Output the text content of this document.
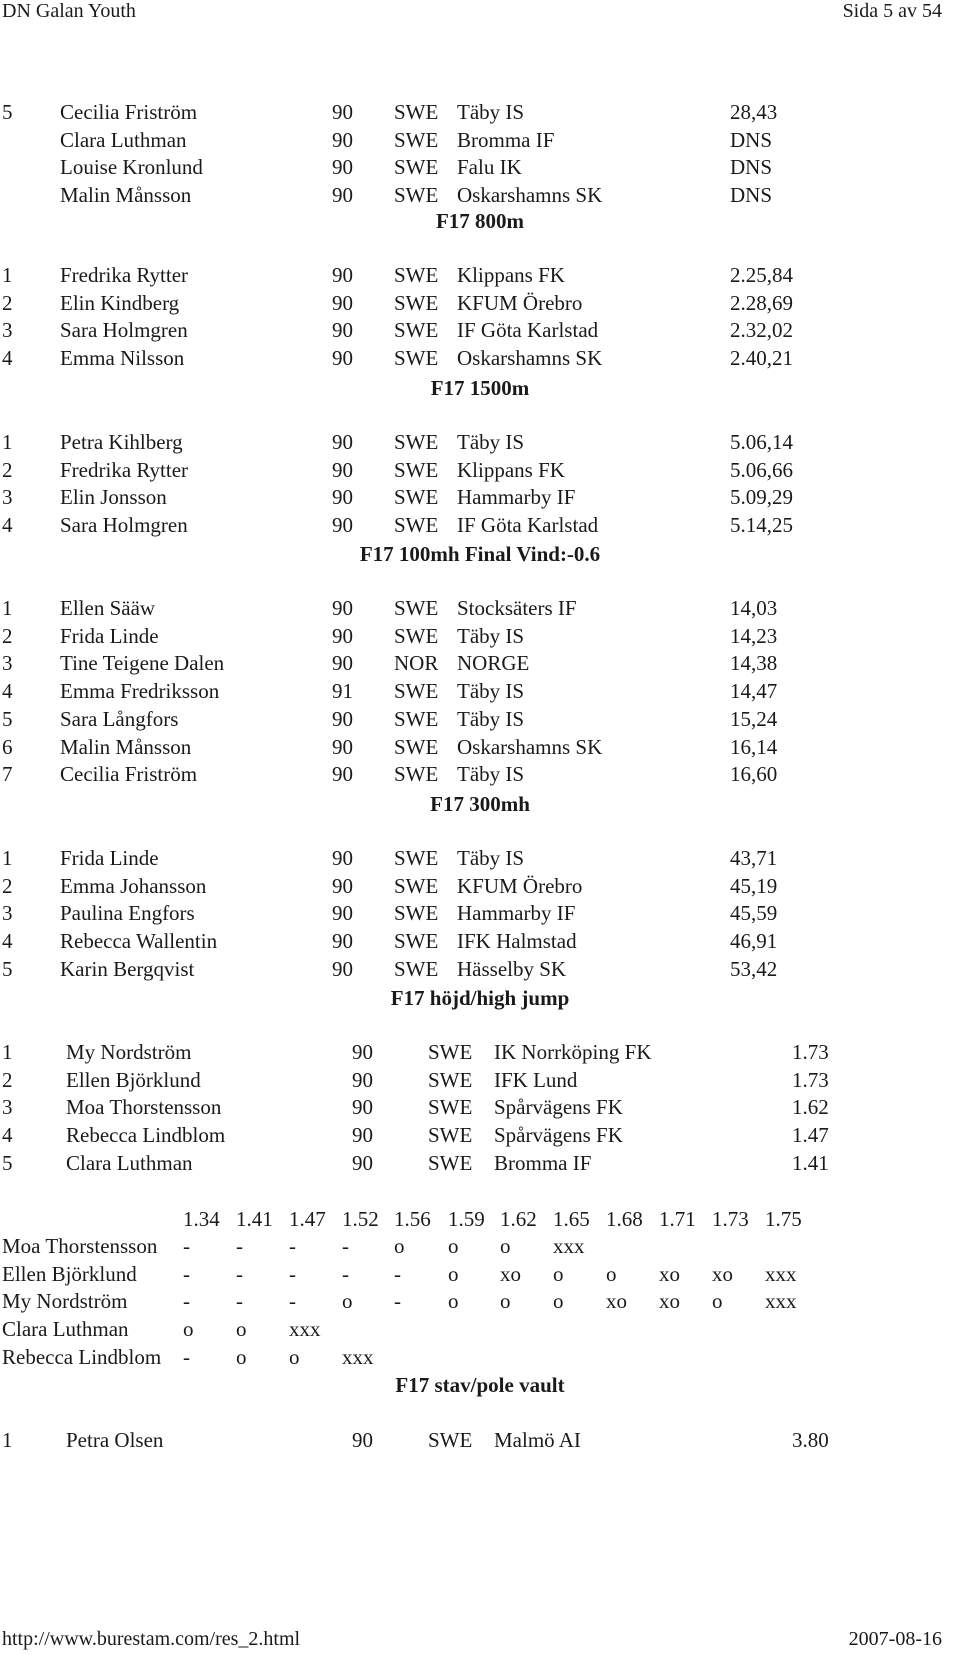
DN Galan Youth	Sida 5 av 54
5 Cecilia Friström	90 SWE Täby IS	28,43
Clara Luthman	90 SWE Bromma IF	DNS
Louise Kronlund	90 SWE Falu IK	DNS
Malin Månsson	90 SWE Oskarshamns SK	DNS
F17 800m
1 Fredrika Rytter	90 SWE Klippans FK	2.25,84
2 Elin Kindberg	90 SWE KFUM Örebro	2.28,69
3 Sara Holmgren	90 SWE IF Göta Karlstad	2.32,02
4 Emma Nilsson	90 SWE Oskarshamns SK	2.40,21
F17 1500m
1 Petra Kihlberg	90 SWE Täby IS	5.06,14
2 Fredrika Rytter	90 SWE Klippans FK	5.06,66
3 Elin Jonsson	90 SWE Hammarby IF	5.09,29
4 Sara Holmgren	90 SWE IF Göta Karlstad	5.14,25
F17 100mh Final Vind:-0.6
1 Ellen Sääw	90 SWE Stocksäters IF	14,03
2 Frida Linde	90 SWE Täby IS	14,23
3 Tine Teigene Dalen	90 NOR NORGE	14,38
4 Emma Fredriksson	91 SWE Täby IS	14,47
5 Sara Långfors	90 SWE Täby IS	15,24
6 Malin Månsson	90 SWE Oskarshamns SK	16,14
7 Cecilia Friström	90 SWE Täby IS	16,60
F17 300mh
1 Frida Linde	90 SWE Täby IS	43,71
2 Emma Johansson	90 SWE KFUM Örebro	45,19
3 Paulina Engfors	90 SWE Hammarby IF	45,59
4 Rebecca Wallentin	90 SWE IFK Halmstad	46,91
5 Karin Bergqvist	90 SWE Hässelby SK	53,42
F17 höjd/high jump
1	My Nordström	90	SWE IK Norrköping FK	1.73
2	Ellen Björklund	90	SWE IFK Lund	1.73
3	Moa Thorstensson	90	SWE Spårvägens FK	1.62
4	Rebecca Lindblom	90	SWE Spårvägens FK	1.47
5	Clara Luthman	90	SWE Bromma IF	1.41
1.34 1.41 1.47 1.52 1.56 1.59 1.62 1.65 1.68 1.71 1.73 1.75
Moa Thorstensson - - - - o o o xxx
Ellen Björklund - - - - - o xo o o xo xo xxx
My Nordström	- - - o - o o o xo xo o xxx
Clara Luthman	o o xxx
Rebecca Lindblom - o o xxx
F17 stav/pole vault
1	Petra Olsen	90	SWE Malmö AI	3.80
http://www.burestam.com/res_2.html	2007-08-16
